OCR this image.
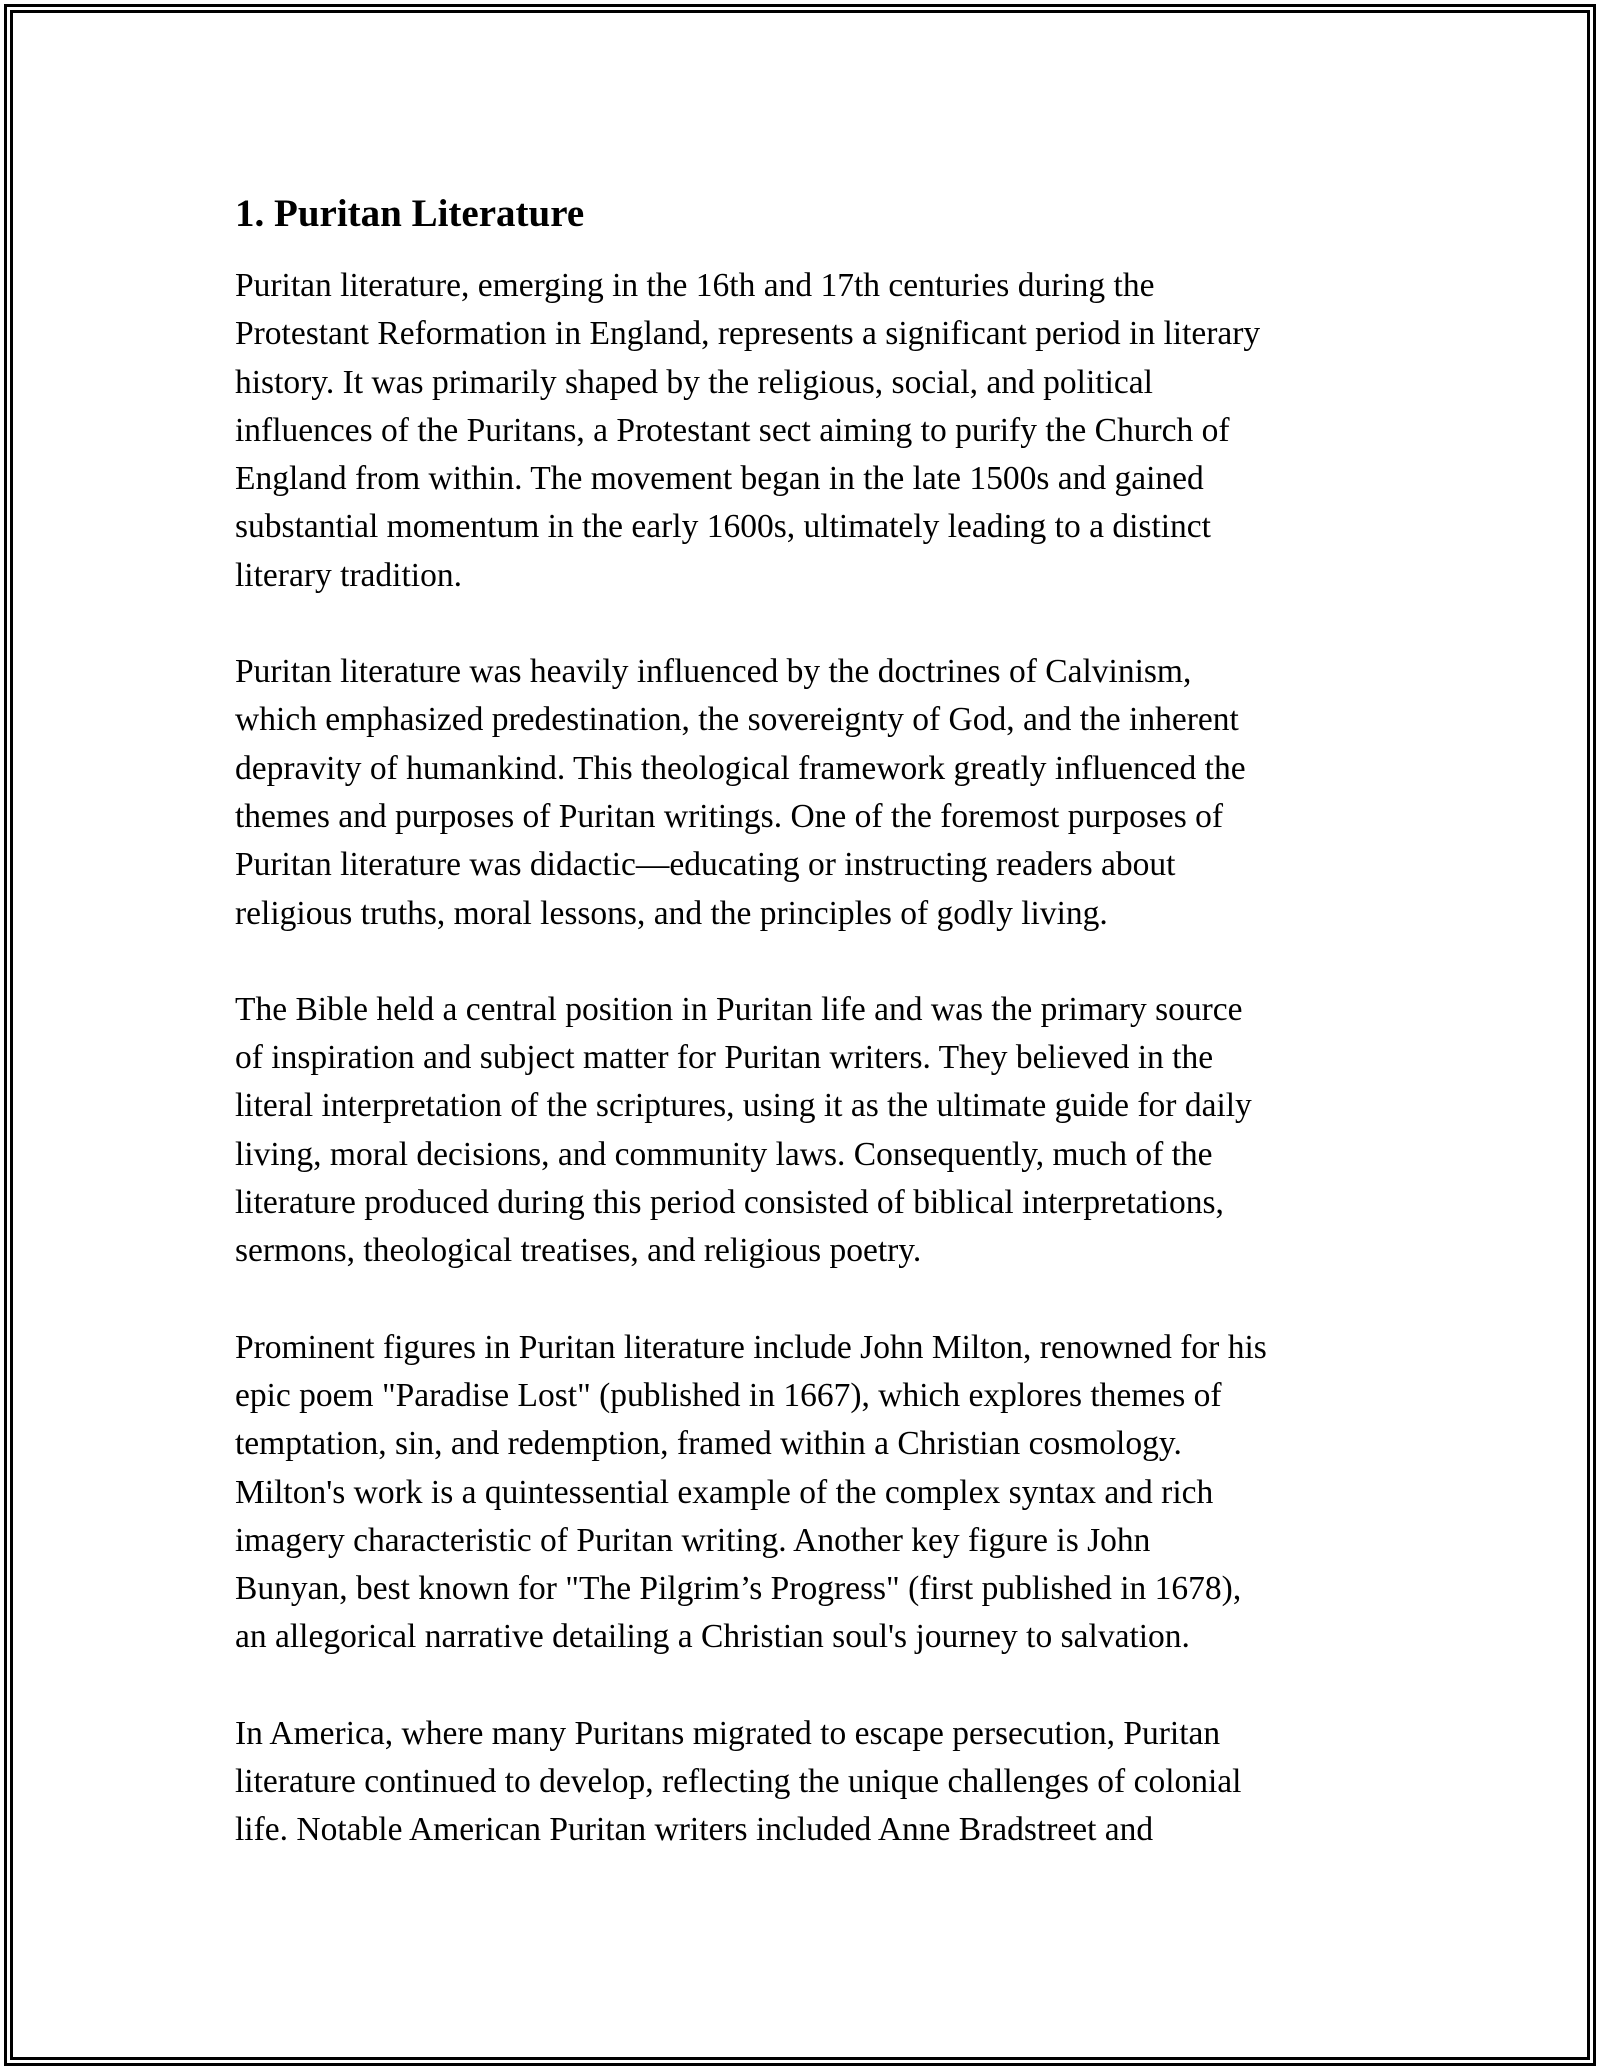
1. Puritan Literature

Puritan literature, emerging in the 16th and 17th centuries during the
Protestant Reformation in England, represents a significant period in literary
history. It was primarily shaped by the religious, social, and political
influences of the Puritans, a Protestant sect aiming to purify the Church of
England from within. The movement began in the late 1500s and gained
substantial momentum in the early 1600s, ultimately leading to a distinct
literary tradition.

Puritan literature was heavily influenced by the doctrines of Calvinism,
which emphasized predestination, the sovereignty of God, and the inherent
depravity of humankind. This theological framework greatly influenced the
themes and purposes of Puritan writings. One of the foremost purposes of
Puritan literature was didactic—educating or instructing readers about
religious truths, moral lessons, and the principles of godly living.

The Bible held a central position in Puritan life and was the primary source
of inspiration and subject matter for Puritan writers. They believed in the
literal interpretation of the scriptures, using it as the ultimate guide for daily
living, moral decisions, and community laws. Consequently, much of the
literature produced during this period consisted of biblical interpretations,
sermons, theological treatises, and religious poetry.

Prominent figures in Puritan literature include John Milton, renowned for his
epic poem "Paradise Lost" (published in 1667), which explores themes of
temptation, sin, and redemption, framed within a Christian cosmology.
Milton's work is a quintessential example of the complex syntax and rich
imagery characteristic of Puritan writing. Another key figure is John
Bunyan, best known for "The Pilgrim’s Progress" (first published in 1678),
an allegorical narrative detailing a Christian soul's journey to salvation.

In America, where many Puritans migrated to escape persecution, Puritan
literature continued to develop, reflecting the unique challenges of colonial
life. Notable American Puritan writers included Anne Bradstreet and
